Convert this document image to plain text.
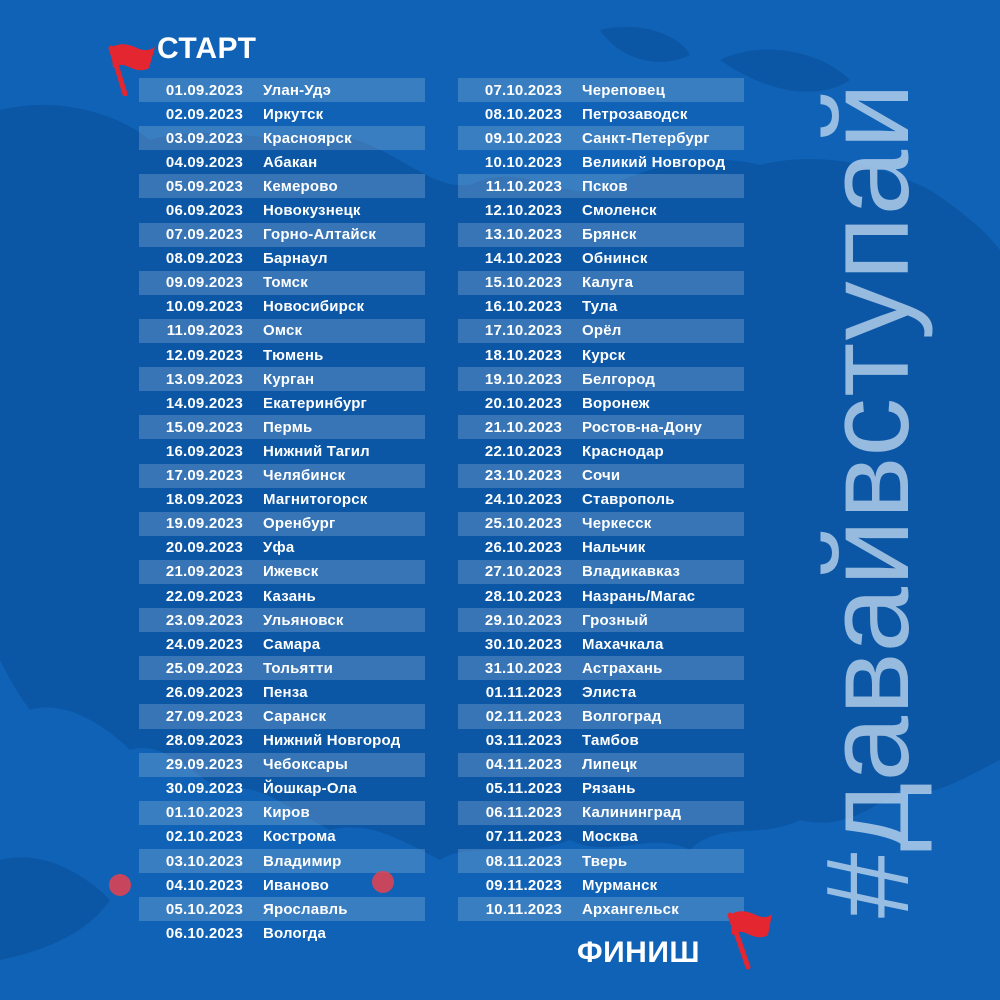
СТАРТ
01.09.2023	Улан-Удэ
02.09.2023	Иркутск
03.09.2023	Красноярск
04.09.2023	Абакан
05.09.2023	Кемерово
06.09.2023	Новокузнецк
07.09.2023	Горно-Алтайск
08.09.2023	Барнаул
09.09.2023	Томск
10.09.2023	Новосибирск
11.09.2023	Омск
12.09.2023	Тюмень
13.09.2023	Курган
14.09.2023	Екатеринбург
15.09.2023	Пермь
16.09.2023	Нижний Тагил
17.09.2023	Челябинск
18.09.2023	Магнитогорск
19.09.2023	Оренбург
20.09.2023	Уфа
21.09.2023	Ижевск
22.09.2023	Казань
23.09.2023	Ульяновск
24.09.2023	Самара
25.09.2023	Тольятти
26.09.2023	Пенза
27.09.2023	Саранск
28.09.2023	Нижний Новгород
29.09.2023	Чебоксары
30.09.2023	Йошкар-Ола
01.10.2023	Киров
02.10.2023	Кострома
03.10.2023	Владимир
04.10.2023	Иваново
05.10.2023	Ярославль
06.10.2023	Вологда
07.10.2023	Череповец
08.10.2023	Петрозаводск
09.10.2023	Санкт-Петербург
10.10.2023	Великий Новгород
11.10.2023	Псков
12.10.2023	Смоленск
13.10.2023	Брянск
14.10.2023	Обнинск
15.10.2023	Калуга
16.10.2023	Тула
17.10.2023	Орёл
18.10.2023	Курск
19.10.2023	Белгород
20.10.2023	Воронеж
21.10.2023	Ростов-на-Дону
22.10.2023	Краснодар
23.10.2023	Сочи
24.10.2023	Ставрополь
25.10.2023	Черкесск
26.10.2023	Нальчик
27.10.2023	Владикавказ
28.10.2023	Назрань/Магас
29.10.2023	Грозный
30.10.2023	Махачкала
31.10.2023	Астрахань
01.11.2023	Элиста
02.11.2023	Волгоград
03.11.2023	Тамбов
04.11.2023	Липецк
05.11.2023	Рязань
06.11.2023	Калининград
07.11.2023	Москва
08.11.2023	Тверь
09.11.2023	Мурманск
10.11.2023	Архангельск
ФИНИШ
#давайвступай
